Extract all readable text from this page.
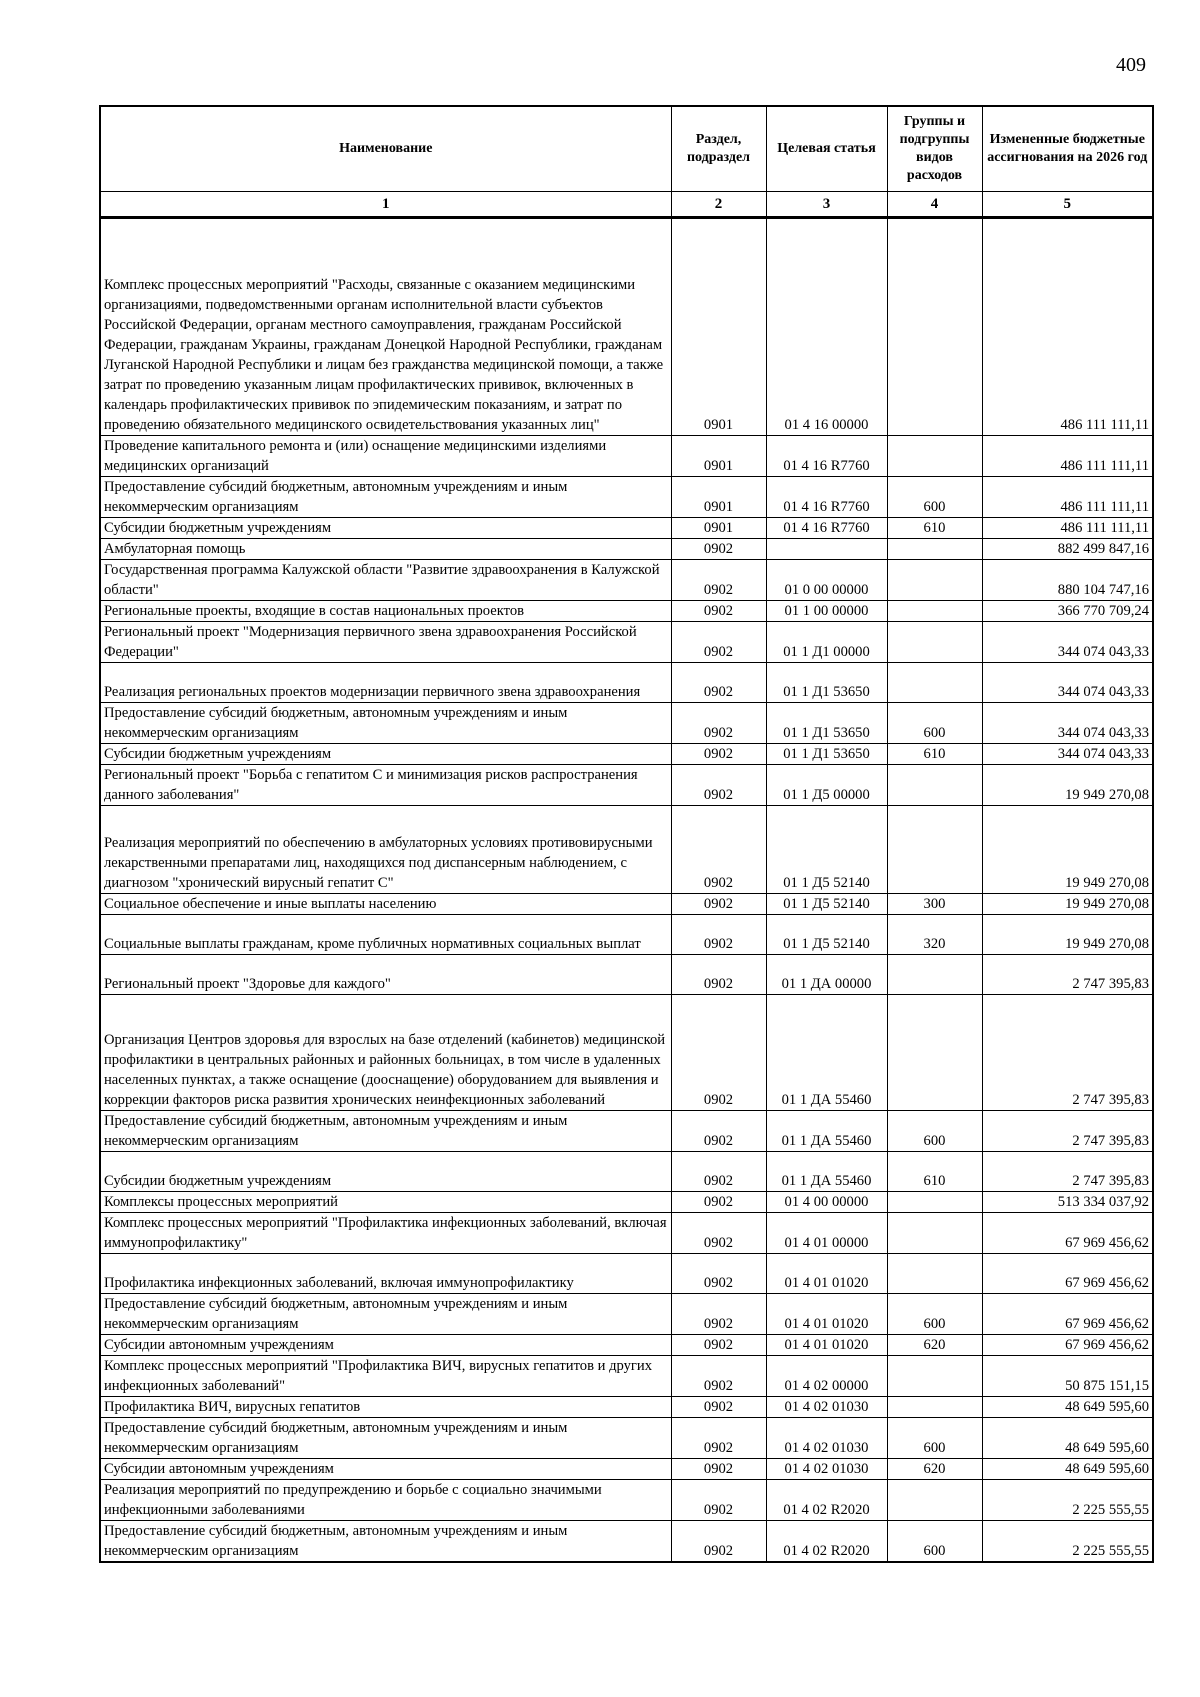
409
Наименование	Раздел, подраздел	Целевая статья	Группы и подгруппы видов расходов	Измененные бюджетные ассигнования на 2026 год
1	2	3	4	5
Комплекс процессных мероприятий "Расходы, связанные с оказанием медицинскими организациями, подведомственными органам исполнительной власти субъектов Российской Федерации, органам местного самоуправления, гражданам Российской Федерации, гражданам Украины, гражданам Донецкой Народной Республики, гражданам Луганской Народной Республики и лицам без гражданства медицинской помощи, а также затрат по проведению указанным лицам профилактических прививок, включенных в календарь профилактических прививок по эпидемическим показаниям, и затрат по проведению обязательного медицинского освидетельствования указанных лиц"	0901	01 4 16 00000		486 111 111,11
Проведение капитального ремонта и (или) оснащение медицинскими изделиями медицинских организаций	0901	01 4 16 R7760		486 111 111,11
Предоставление субсидий бюджетным, автономным учреждениям и иным некоммерческим организациям	0901	01 4 16 R7760	600	486 111 111,11
Субсидии бюджетным учреждениям	0901	01 4 16 R7760	610	486 111 111,11
Амбулаторная помощь	0902			882 499 847,16
Государственная программа Калужской области "Развитие здравоохранения в Калужской области"	0902	01 0 00 00000		880 104 747,16
Региональные проекты, входящие в состав национальных проектов	0902	01 1 00 00000		366 770 709,24
Региональный проект "Модернизация первичного звена здравоохранения Российской Федерации"	0902	01 1 Д1 00000		344 074 043,33
Реализация региональных проектов модернизации первичного звена здравоохранения	0902	01 1 Д1 53650		344 074 043,33
Предоставление субсидий бюджетным, автономным учреждениям и иным некоммерческим организациям	0902	01 1 Д1 53650	600	344 074 043,33
Субсидии бюджетным учреждениям	0902	01 1 Д1 53650	610	344 074 043,33
Региональный проект "Борьба с гепатитом С и минимизация рисков распространения данного заболевания"	0902	01 1 Д5 00000		19 949 270,08
Реализация мероприятий по обеспечению в амбулаторных условиях противовирусными лекарственными препаратами лиц, находящихся под диспансерным наблюдением, с диагнозом "хронический вирусный гепатит С"	0902	01 1 Д5 52140		19 949 270,08
Социальное обеспечение и иные выплаты населению	0902	01 1 Д5 52140	300	19 949 270,08
Социальные выплаты гражданам, кроме публичных нормативных социальных выплат	0902	01 1 Д5 52140	320	19 949 270,08
Региональный проект "Здоровье для каждого"	0902	01 1 ДА 00000		2 747 395,83
Организация Центров здоровья для взрослых на базе отделений (кабинетов) медицинской профилактики в центральных районных и районных больницах, в том числе в удаленных населенных пунктах, а также оснащение (дооснащение) оборудованием для выявления и коррекции факторов риска развития хронических неинфекционных заболеваний	0902	01 1 ДА 55460		2 747 395,83
Предоставление субсидий бюджетным, автономным учреждениям и иным некоммерческим организациям	0902	01 1 ДА 55460	600	2 747 395,83
Субсидии бюджетным учреждениям	0902	01 1 ДА 55460	610	2 747 395,83
Комплексы процессных мероприятий	0902	01 4 00 00000		513 334 037,92
Комплекс процессных мероприятий "Профилактика инфекционных заболеваний, включая иммунопрофилактику"	0902	01 4 01 00000		67 969 456,62
Профилактика инфекционных заболеваний, включая иммунопрофилактику	0902	01 4 01 01020		67 969 456,62
Предоставление субсидий бюджетным, автономным учреждениям и иным некоммерческим организациям	0902	01 4 01 01020	600	67 969 456,62
Субсидии автономным учреждениям	0902	01 4 01 01020	620	67 969 456,62
Комплекс процессных мероприятий "Профилактика ВИЧ, вирусных гепатитов и других инфекционных заболеваний"	0902	01 4 02 00000		50 875 151,15
Профилактика ВИЧ, вирусных гепатитов	0902	01 4 02 01030		48 649 595,60
Предоставление субсидий бюджетным, автономным учреждениям и иным некоммерческим организациям	0902	01 4 02 01030	600	48 649 595,60
Субсидии автономным учреждениям	0902	01 4 02 01030	620	48 649 595,60
Реализация мероприятий по предупреждению и борьбе с социально значимыми инфекционными заболеваниями	0902	01 4 02 R2020		2 225 555,55
Предоставление субсидий бюджетным, автономным учреждениям и иным некоммерческим организациям	0902	01 4 02 R2020	600	2 225 555,55
